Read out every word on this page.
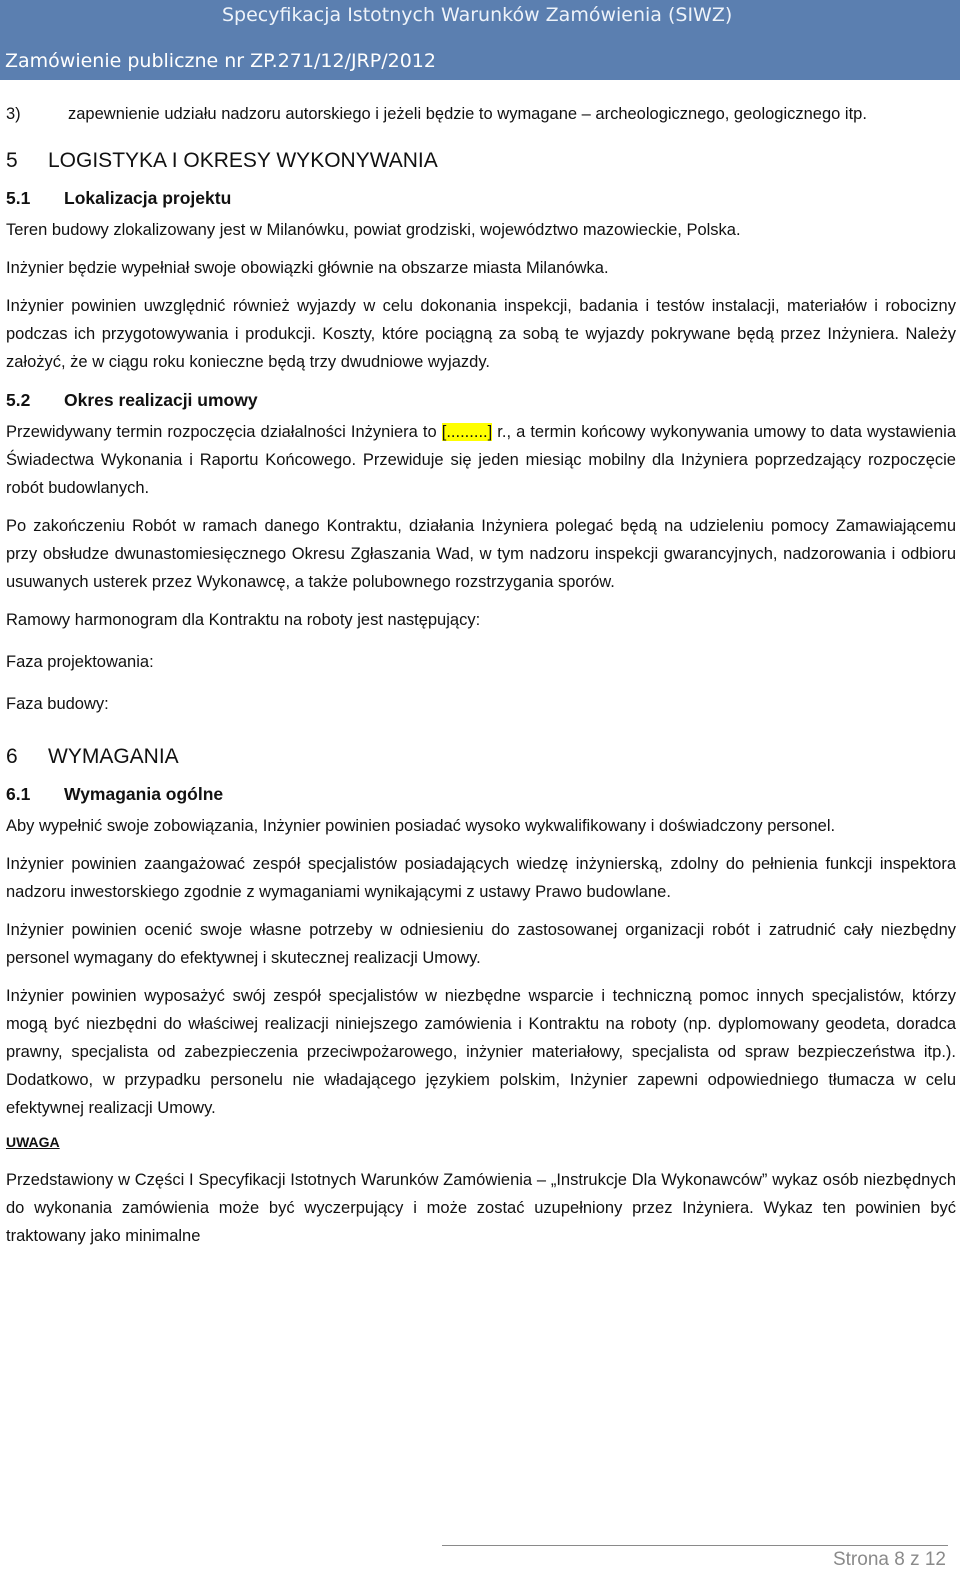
Specyfikacja Istotnych Warunków Zamówienia (SIWZ)
Zamówienie publiczne nr ZP.271/12/JRP/2012

3)	zapewnienie udziału nadzoru autorskiego i jeżeli będzie to wymagane – archeologicznego, geologicznego itp.

5	LOGISTYKA I OKRESY WYKONYWANIA
5.1	Lokalizacja projektu

Teren budowy zlokalizowany jest w Milanówku, powiat grodziski, województwo mazowieckie, Polska.

Inżynier będzie wypełniał swoje obowiązki głównie na obszarze miasta Milanówka.

Inżynier powinien uwzględnić również wyjazdy w celu dokonania inspekcji, badania i testów instalacji, materiałów i robocizny podczas ich przygotowywania i produkcji. Koszty, które pociągną za sobą te wyjazdy pokrywane będą przez Inżyniera. Należy założyć, że w ciągu roku konieczne będą trzy dwudniowe wyjazdy.

5.2	Okres realizacji umowy

Przewidywany termin rozpoczęcia działalności Inżyniera to [.........] r., a termin końcowy wykonywania umowy to data wystawienia Świadectwa Wykonania i Raportu Końcowego. Przewiduje się jeden miesiąc mobilny dla Inżyniera poprzedzający rozpoczęcie robót budowlanych.

Po zakończeniu Robót w ramach danego Kontraktu, działania Inżyniera polegać będą na udzieleniu pomocy Zamawiającemu przy obsłudze dwunastomiesięcznego Okresu Zgłaszania Wad, w tym nadzoru inspekcji gwarancyjnych, nadzorowania i odbioru usuwanych usterek przez Wykonawcę, a także polubownego rozstrzygania sporów.

Ramowy harmonogram dla Kontraktu na roboty jest następujący:

Faza projektowania:

Faza budowy:

6	WYMAGANIA
6.1	Wymagania ogólne

Aby wypełnić swoje zobowiązania, Inżynier powinien posiadać wysoko wykwalifikowany i doświadczony personel.

Inżynier powinien zaangażować zespół specjalistów posiadających wiedzę inżynierską, zdolny do pełnienia funkcji inspektora nadzoru inwestorskiego zgodnie z wymaganiami wynikającymi z ustawy Prawo budowlane.

Inżynier powinien ocenić swoje własne potrzeby w odniesieniu do zastosowanej organizacji robót i zatrudnić cały niezbędny personel wymagany do efektywnej i skutecznej realizacji Umowy.

Inżynier powinien wyposażyć swój zespół specjalistów w niezbędne wsparcie i techniczną pomoc innych specjalistów, którzy mogą być niezbędni do właściwej realizacji niniejszego zamówienia i Kontraktu na roboty (np. dyplomowany geodeta, doradca prawny, specjalista od zabezpieczenia przeciwpożarowego, inżynier materiałowy, specjalista od spraw bezpieczeństwa itp.). Dodatkowo, w przypadku personelu nie władającego językiem polskim, Inżynier zapewni odpowiedniego tłumacza w celu efektywnej realizacji Umowy.

UWAGA

Przedstawiony w Części I Specyfikacji Istotnych Warunków Zamówienia – „Instrukcje Dla Wykonawców” wykaz osób niezbędnych do wykonania zamówienia może być wyczerpujący i może zostać uzupełniony przez Inżyniera. Wykaz ten powinien być traktowany jako minimalne

Strona 8 z 12
